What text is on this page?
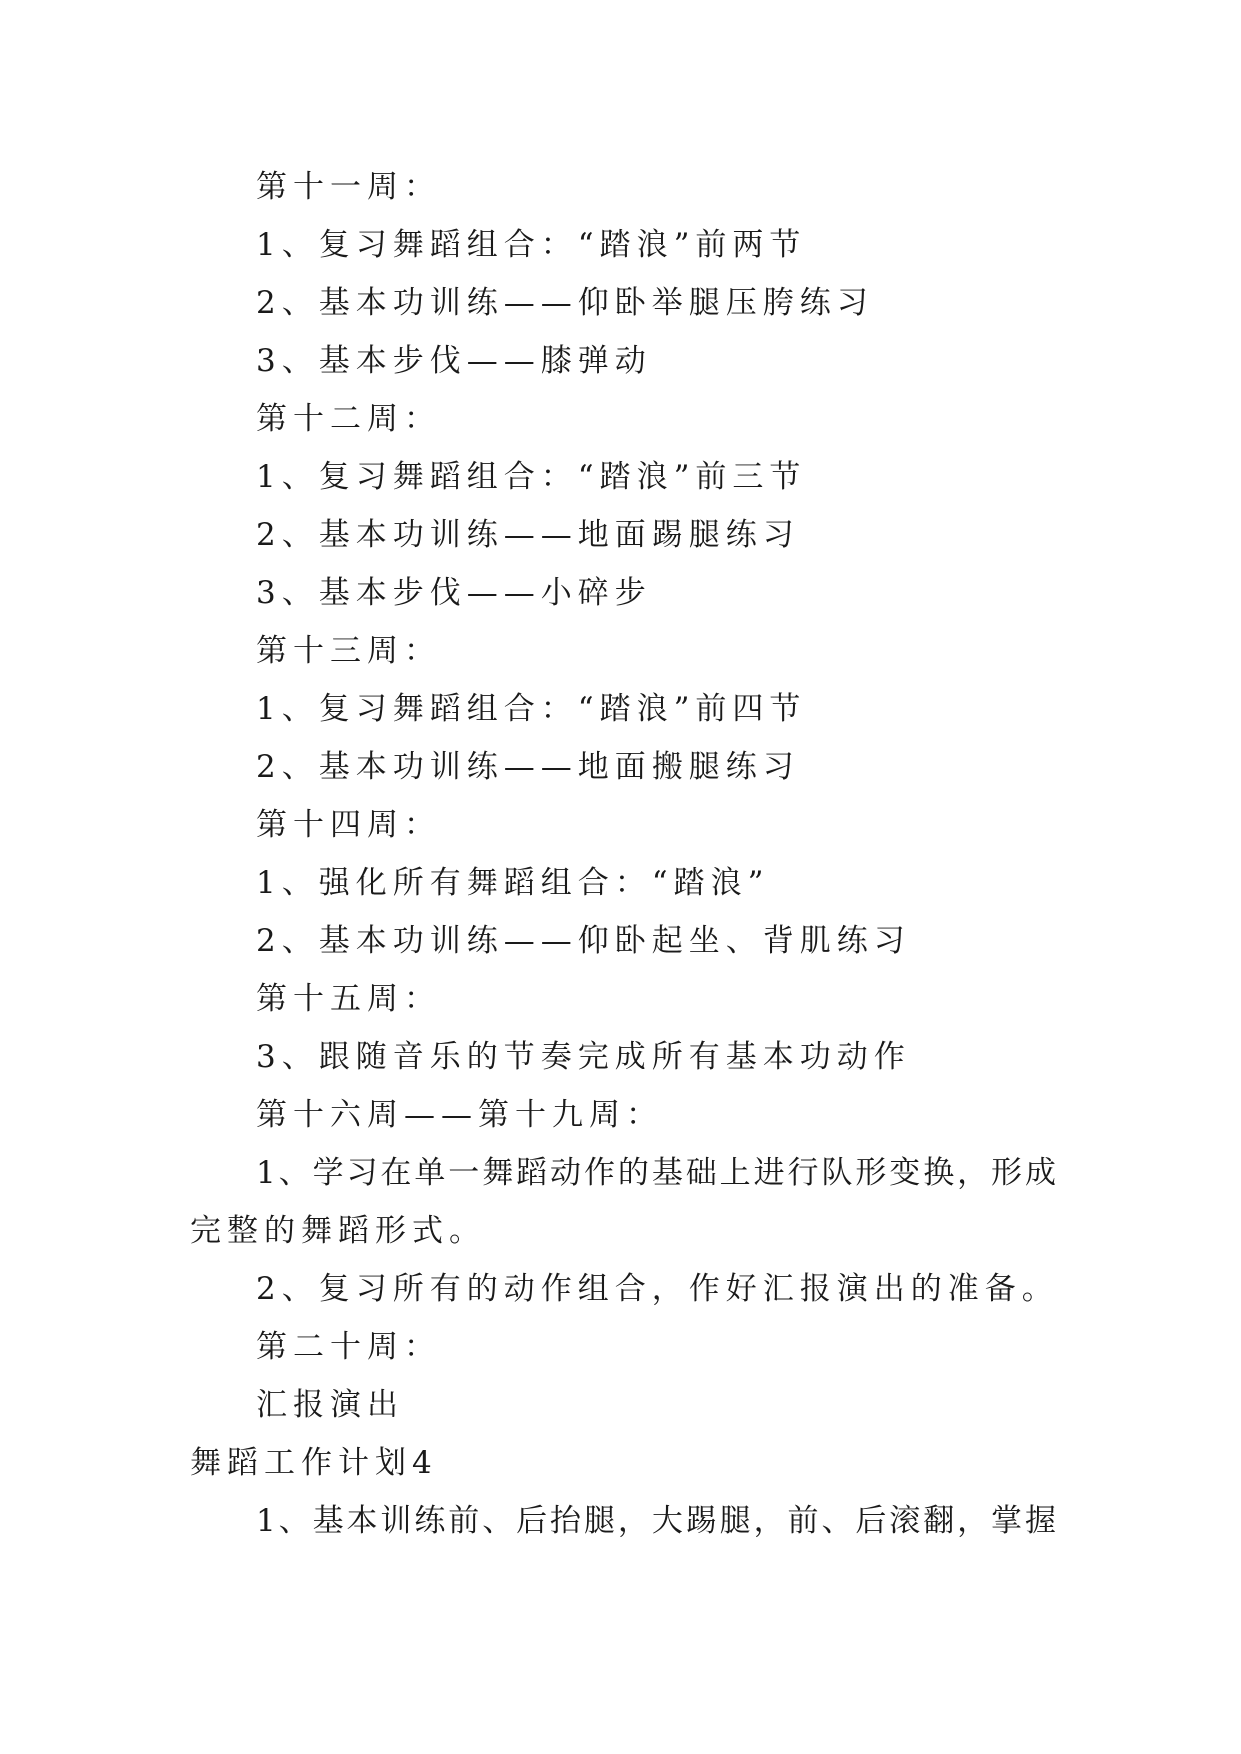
第十一周：
1、复习舞蹈组合：“踏浪”前两节
2、基本功训练——仰卧举腿压胯练习
3、基本步伐——膝弹动
第十二周：
1、复习舞蹈组合：“踏浪”前三节
2、基本功训练——地面踢腿练习
3、基本步伐——小碎步
第十三周：
1、复习舞蹈组合：“踏浪”前四节
2、基本功训练——地面搬腿练习
第十四周：
1、强化所有舞蹈组合：“踏浪”
2、基本功训练——仰卧起坐、背肌练习
第十五周：
3、跟随音乐的节奏完成所有基本功动作
第十六周——第十九周：
1、学习在单一舞蹈动作的基础上进行队形变换，形成
完整的舞蹈形式。
2、复习所有的动作组合，作好汇报演出的准备。
第二十周：
汇报演出
舞蹈工作计划4
1、基本训练前、后抬腿，大踢腿，前、后滚翻，掌握
